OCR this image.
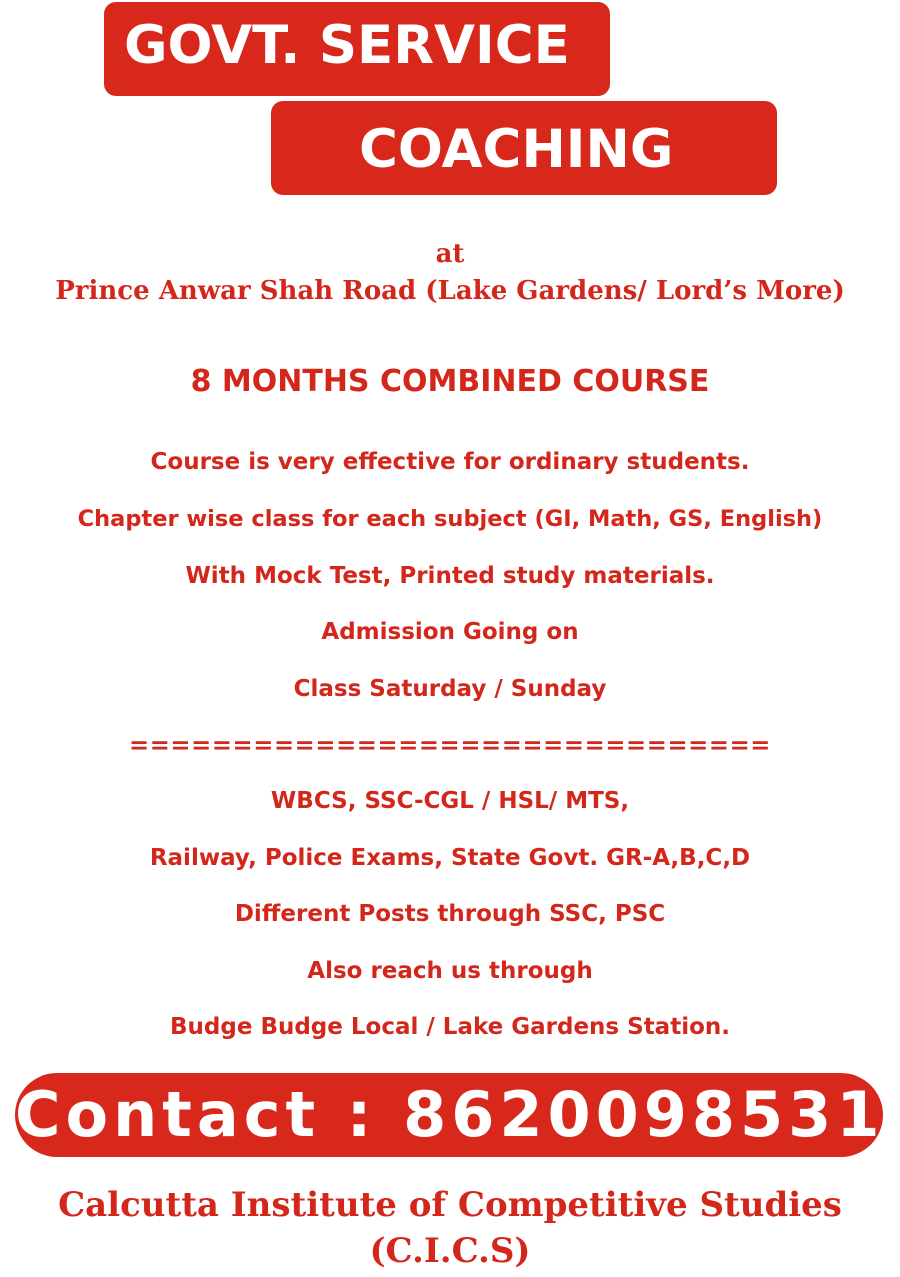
GOVT. SERVICE
COACHING
at
Prince Anwar Shah Road (Lake Gardens/ Lord’s More)
8 MONTHS COMBINED COURSE
Course is very effective for ordinary students.
Chapter wise class for each subject (GI, Math, GS, English)
With Mock Test, Printed study materials.
Admission Going on
Class Saturday / Sunday
===============================
WBCS, SSC-CGL / HSL/ MTS,
Railway, Police Exams, State Govt. GR-A,B,C,D
Different Posts through SSC, PSC
Also reach us through
Budge Budge Local / Lake Gardens Station.
Contact : 8620098531
Calcutta Institute of Competitive Studies
(C.I.C.S)
